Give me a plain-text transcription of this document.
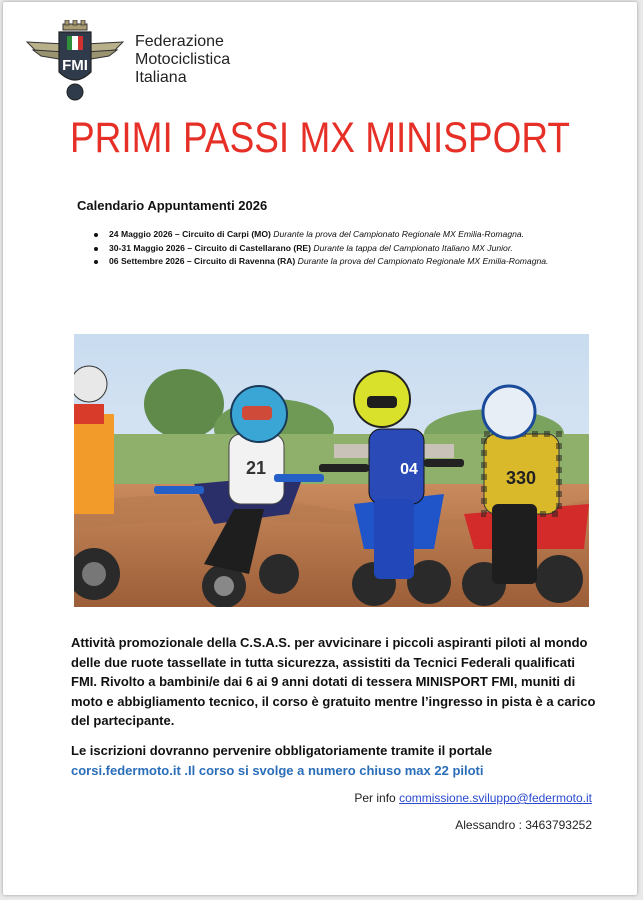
FMI
Federazione
Motociclistica
Italiana
PRIMI PASSI MX MINISPORT
Calendario Appuntamenti 2026
24 Maggio 2026 – Circuito di Carpi (MO) Durante la prova del Campionato Regionale MX Emilia-Romagna.
30-31 Maggio 2026 – Circuito di Castellarano (RE) Durante la tappa del Campionato Italiano MX Junior.
06 Settembre 2026 – Circuito di Ravenna (RA) Durante la prova del Campionato Regionale MX Emilia-Romagna.
21	04	330
Attività promozionale della C.S.A.S. per avvicinare i piccoli aspiranti piloti al mondo delle due ruote tassellate in tutta sicurezza, assistiti da Tecnici Federali qualificati FMI. Rivolto a bambini/e dai 6 ai 9 anni dotati di tessera MINISPORT FMI, muniti di moto e abbigliamento tecnico, il corso è gratuito mentre l’ingresso in pista è a carico del partecipante.
Le iscrizioni dovranno pervenire obbligatoriamente tramite il portale
corsi.federmoto.it .Il corso si svolge a numero chiuso max 22 piloti
Per info commissione.sviluppo@federmoto.it
Alessandro : 3463793252
